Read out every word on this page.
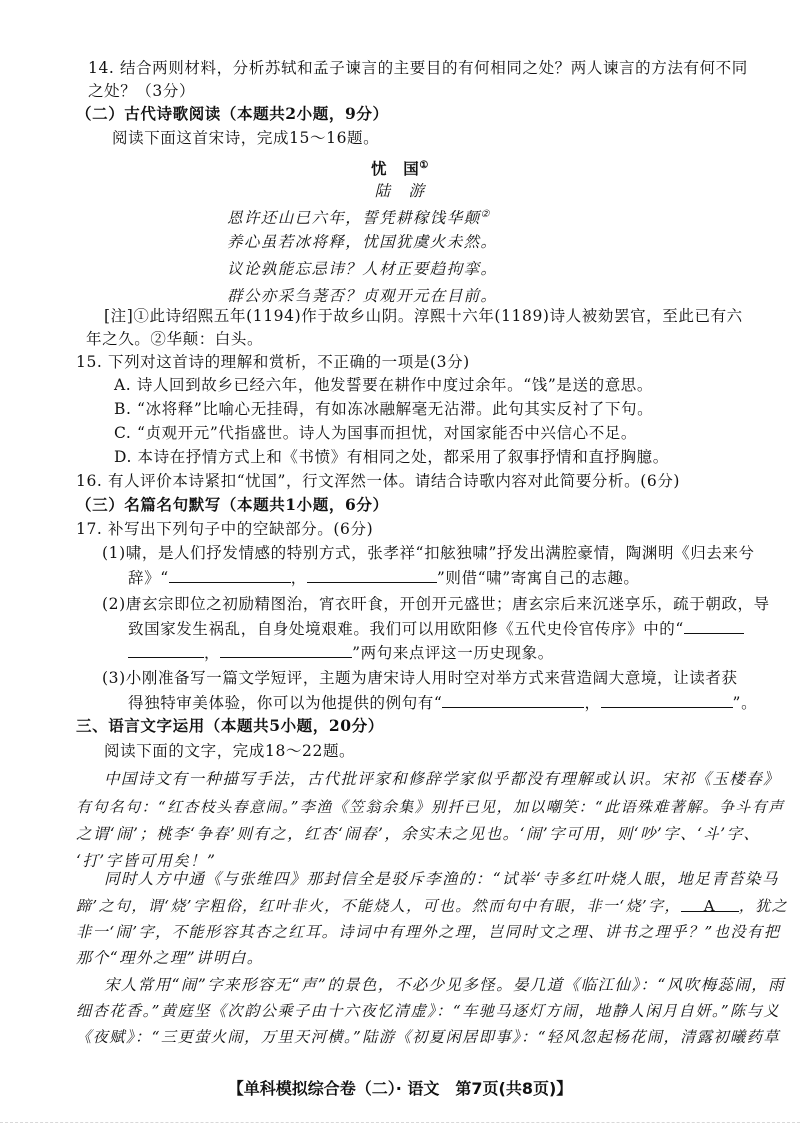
14. 结合两则材料，分析苏轼和孟子谏言的主要目的有何相同之处？两人谏言的方法有何不同
之处？（3分）
（二）古代诗歌阅读（本题共2小题，9分）
阅读下面这首宋诗，完成15～16题。
忧　国①
陆　游
恩许还山已六年，誓凭耕稼饯华颠②
养心虽若冰将释，忧国犹虞火未然。
议论孰能忘忌讳？人材正要趋拘挛。
群公亦采刍荛否？贞观开元在目前。
[注]①此诗绍熙五年(1194)作于故乡山阴。淳熙十六年(1189)诗人被劾罢官，至此已有六
年之久。②华颠：白头。
15. 下列对这首诗的理解和赏析，不正确的一项是(3分)
A. 诗人回到故乡已经六年，他发誓要在耕作中度过余年。“饯”是送的意思。
B. “冰将释”比喻心无挂碍，有如冻冰融解毫无沾滞。此句其实反衬了下句。
C. “贞观开元”代指盛世。诗人为国事而担忧，对国家能否中兴信心不足。
D. 本诗在抒情方式上和《书愤》有相同之处，都采用了叙事抒情和直抒胸臆。
16. 有人评价本诗紧扣“忧国”，行文浑然一体。请结合诗歌内容对此简要分析。(6分)
（三）名篇名句默写（本题共1小题，6分）
17. 补写出下列句子中的空缺部分。(6分)
(1)啸，是人们抒发情感的特别方式，张孝祥“扣舷独啸”抒发出满腔豪情，陶渊明《归去来兮
辞》“	，	”则借“啸”寄寓自己的志趣。
(2)唐玄宗即位之初励精图治，宵衣旰食，开创开元盛世；唐玄宗后来沉迷享乐，疏于朝政，导
致国家发生祸乱，自身处境艰难。我们可以用欧阳修《五代史伶官传序》中的“
，	”两句来点评这一历史现象。
(3)小刚准备写一篇文学短评，主题为唐宋诗人用时空对举方式来营造阔大意境，让读者获
得独特审美体验，你可以为他提供的例句有“	，	”。
三、语言文字运用（本题共5小题，20分）
阅读下面的文字，完成18～22题。
中国诗文有一种描写手法，古代批评家和修辞学家似乎都没有理解或认识。宋祁《玉楼春》
有句名句：“红杏枝头春意闹。”李渔《笠翁余集》别扦已见，加以嘲笑：“此语殊难著解。争斗有声
之谓‘闹’；桃李‘争春’则有之，红杏‘闹春’，余实未之见也。‘闹’字可用，则‘吵’字、‘斗’字、
‘打’字皆可用矣！”
同时人方中通《与张维四》那封信全是驳斥李渔的：“试举‘寺多红叶烧人眼，地足青苔染马
蹄’之句，谓‘烧’字粗俗，红叶非火，不能烧人，可也。然而句中有眼，非一‘烧’字， A ，犹之
非一‘闹’字，不能形容其杏之红耳。诗词中有理外之理，岂同时文之理、讲书之理乎？”也没有把
那个“理外之理”讲明白。
宋人常用“闹”字来形容无“声”的景色，不必少见多怪。晏几道《临江仙》：“风吹梅蕊闹，雨
细杏花香。”黄庭坚《次韵公乘子由十六夜忆清虚》：“车驰马逐灯方闹，地静人闲月自妍。”陈与义
《夜赋》：“三更萤火闹，万里天河横。”陆游《初夏闲居即事》：“轻风忽起杨花闹，清露初曦药草
【单科模拟综合卷（二）· 语文　第7页(共8页)】
